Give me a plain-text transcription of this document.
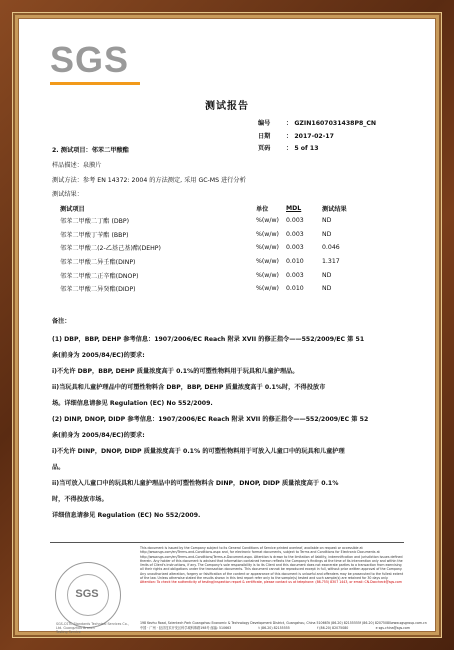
SGS
测试报告
编号	： GZIN1607031438P8_CN
日期	： 2017-02-17
页码	： 5 of 13
2. 测试项目：邻苯二甲酸酯
样品描述：泉膜片
测试方法：参考 EN 14372: 2004 的方法测定, 采用 GC-MS 进行分析
测试结果：
测试项目	单位	MDL	测试结果
邻苯二甲酸二丁酯 (DBP)	%(w/w)	0.003	ND
邻苯二甲酸丁苄酯 (BBP)	%(w/w)	0.003	ND
邻苯二甲酸二(2-乙基己基)酯(DEHP)	%(w/w)	0.003	0.046
邻苯二甲酸二异壬酯(DINP)	%(w/w)	0.010	1.317
邻苯二甲酸二正辛酯(DNOP)	%(w/w)	0.003	ND
邻苯二甲酸二异癸酯(DIDP)	%(w/w)	0.010	ND
备注：
(1) DBP，BBP, DEHP 参考信息：1907/2006/EC Reach 附录 XVII 的修正指令——552/2009/EC 第 51
条(前身为 2005/84/EC)的要求:
i)不允许 DBP，BBP, DEHP 质量浓度高于 0.1%的可塑性物料用于玩具和儿童护理品。
ii)当玩具和儿童护理品中的可塑性物料含 DBP，BBP, DEHP 质量浓度高于 0.1%时，不得投放市
场。详细信息请参见 Regulation (EC) No 552/2009.
(2) DINP, DNOP, DIDP 参考信息：1907/2006/EC Reach 附录 XVII 的修正指令——552/2009/EC 第 52
条(前身为 2005/84/EC)的要求:
i)不允许 DINP，DNOP, DIDP 质量浓度高于 0.1% 的可塑性物料用于可放入儿童口中的玩具和儿童护理
品。
ii)当可放入儿童口中的玩具和儿童护理品中的可塑性物料含 DINP，DNOP, DIDP 质量浓度高于 0.1%
时，不得投放市场。
详细信息请参见 Regulation (EC) No 552/2009.
This document is issued by the Company subject to its General Conditions of Service printed overleaf, available on request or accessible at http://www.sgs.com/en/Terms-and-Conditions.aspx and, for electronic format documents, subject to Terms and Conditions for Electronic Documents at http://www.sgs.com/en/Terms-and-Conditions/Terms-e-Document.aspx. Attention is drawn to the limitation of liability, indemnification and jurisdiction issues defined therein. Any holder of this document is advised that information contained hereon reflects the Company's findings at the time of its intervention only and within the limits of Client's instructions, if any. The Company's sole responsibility is to its Client and this document does not exonerate parties to a transaction from exercising all their rights and obligations under the transaction documents. This document cannot be reproduced except in full, without prior written approval of the Company. Any unauthorized alteration, forgery or falsification of the content or appearance of this document is unlawful and offenders may be prosecuted to the fullest extent of the law. Unless otherwise stated the results shown in this test report refer only to the sample(s) tested and such sample(s) are retained for 30 days only. Attention: To check the authenticity of testing/inspection report & certificate, please contact us at telephone: (86-755) 8307 1443, or email: CN.Doccheck@sgs.com
SGS
SGS-CSTC Standards Technical Services Co., Ltd. Guangzhou Branch
Testing Service
198 Kezhu Road, Scientech Park Guangzhou Economic & Technology Development District, Guangzhou, China 510663 t (86-20) 82155555 f (86-20) 82075080 www.sgsgroup.com.cn
中国 · 广州 · 经济技术开发区科学城科珠路198号 邮编: 510663	t (86-20) 82155555	f (86-20) 82075080	e sgs.china@sgs.com
